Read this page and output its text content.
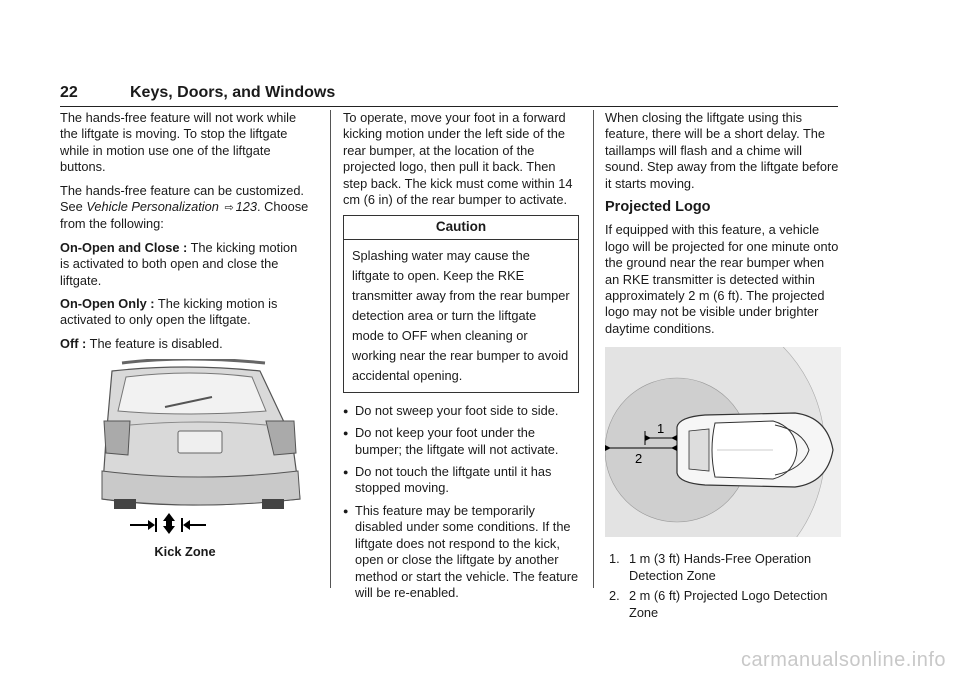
22	Keys, Doors, and Windows

The hands-free feature will not work while the liftgate is moving. To stop the liftgate while in motion use one of the liftgate buttons.

The hands-free feature can be customized. See Vehicle Personalization ⇨ 123. Choose from the following:

On-Open and Close : The kicking motion is activated to both open and close the liftgate.

On-Open Only : The kicking motion is activated to only open the liftgate.

Off : The feature is disabled.

Kick Zone

To operate, move your foot in a forward kicking motion under the left side of the rear bumper, at the location of the projected logo, then pull it back. Then step back. The kick must come within 14 cm (6 in) of the rear bumper to activate.

Caution
Splashing water may cause the liftgate to open. Keep the RKE transmitter away from the rear bumper detection area or turn the liftgate mode to OFF when cleaning or working near the rear bumper to avoid accidental opening.
● Do not sweep your foot side to side.
● Do not keep your foot under the bumper; the liftgate will not activate.
● Do not touch the liftgate until it has stopped moving.
● This feature may be temporarily disabled under some conditions. If the liftgate does not respond to the kick, open or close the liftgate by another method or start the vehicle. The feature will be re-enabled.

When closing the liftgate using this feature, there will be a short delay. The taillamps will flash and a chime will sound. Step away from the liftgate before it starts moving.

Projected Logo

If equipped with this feature, a vehicle logo will be projected for one minute onto the ground near the rear bumper when an RKE transmitter is detected within approximately 2 m (6 ft). The projected logo may not be visible under brighter daytime conditions.

1
2
1. 1 m (3 ft) Hands-Free Operation Detection Zone
2. 2 m (6 ft) Projected Logo Detection Zone
carmanualsonline.info
